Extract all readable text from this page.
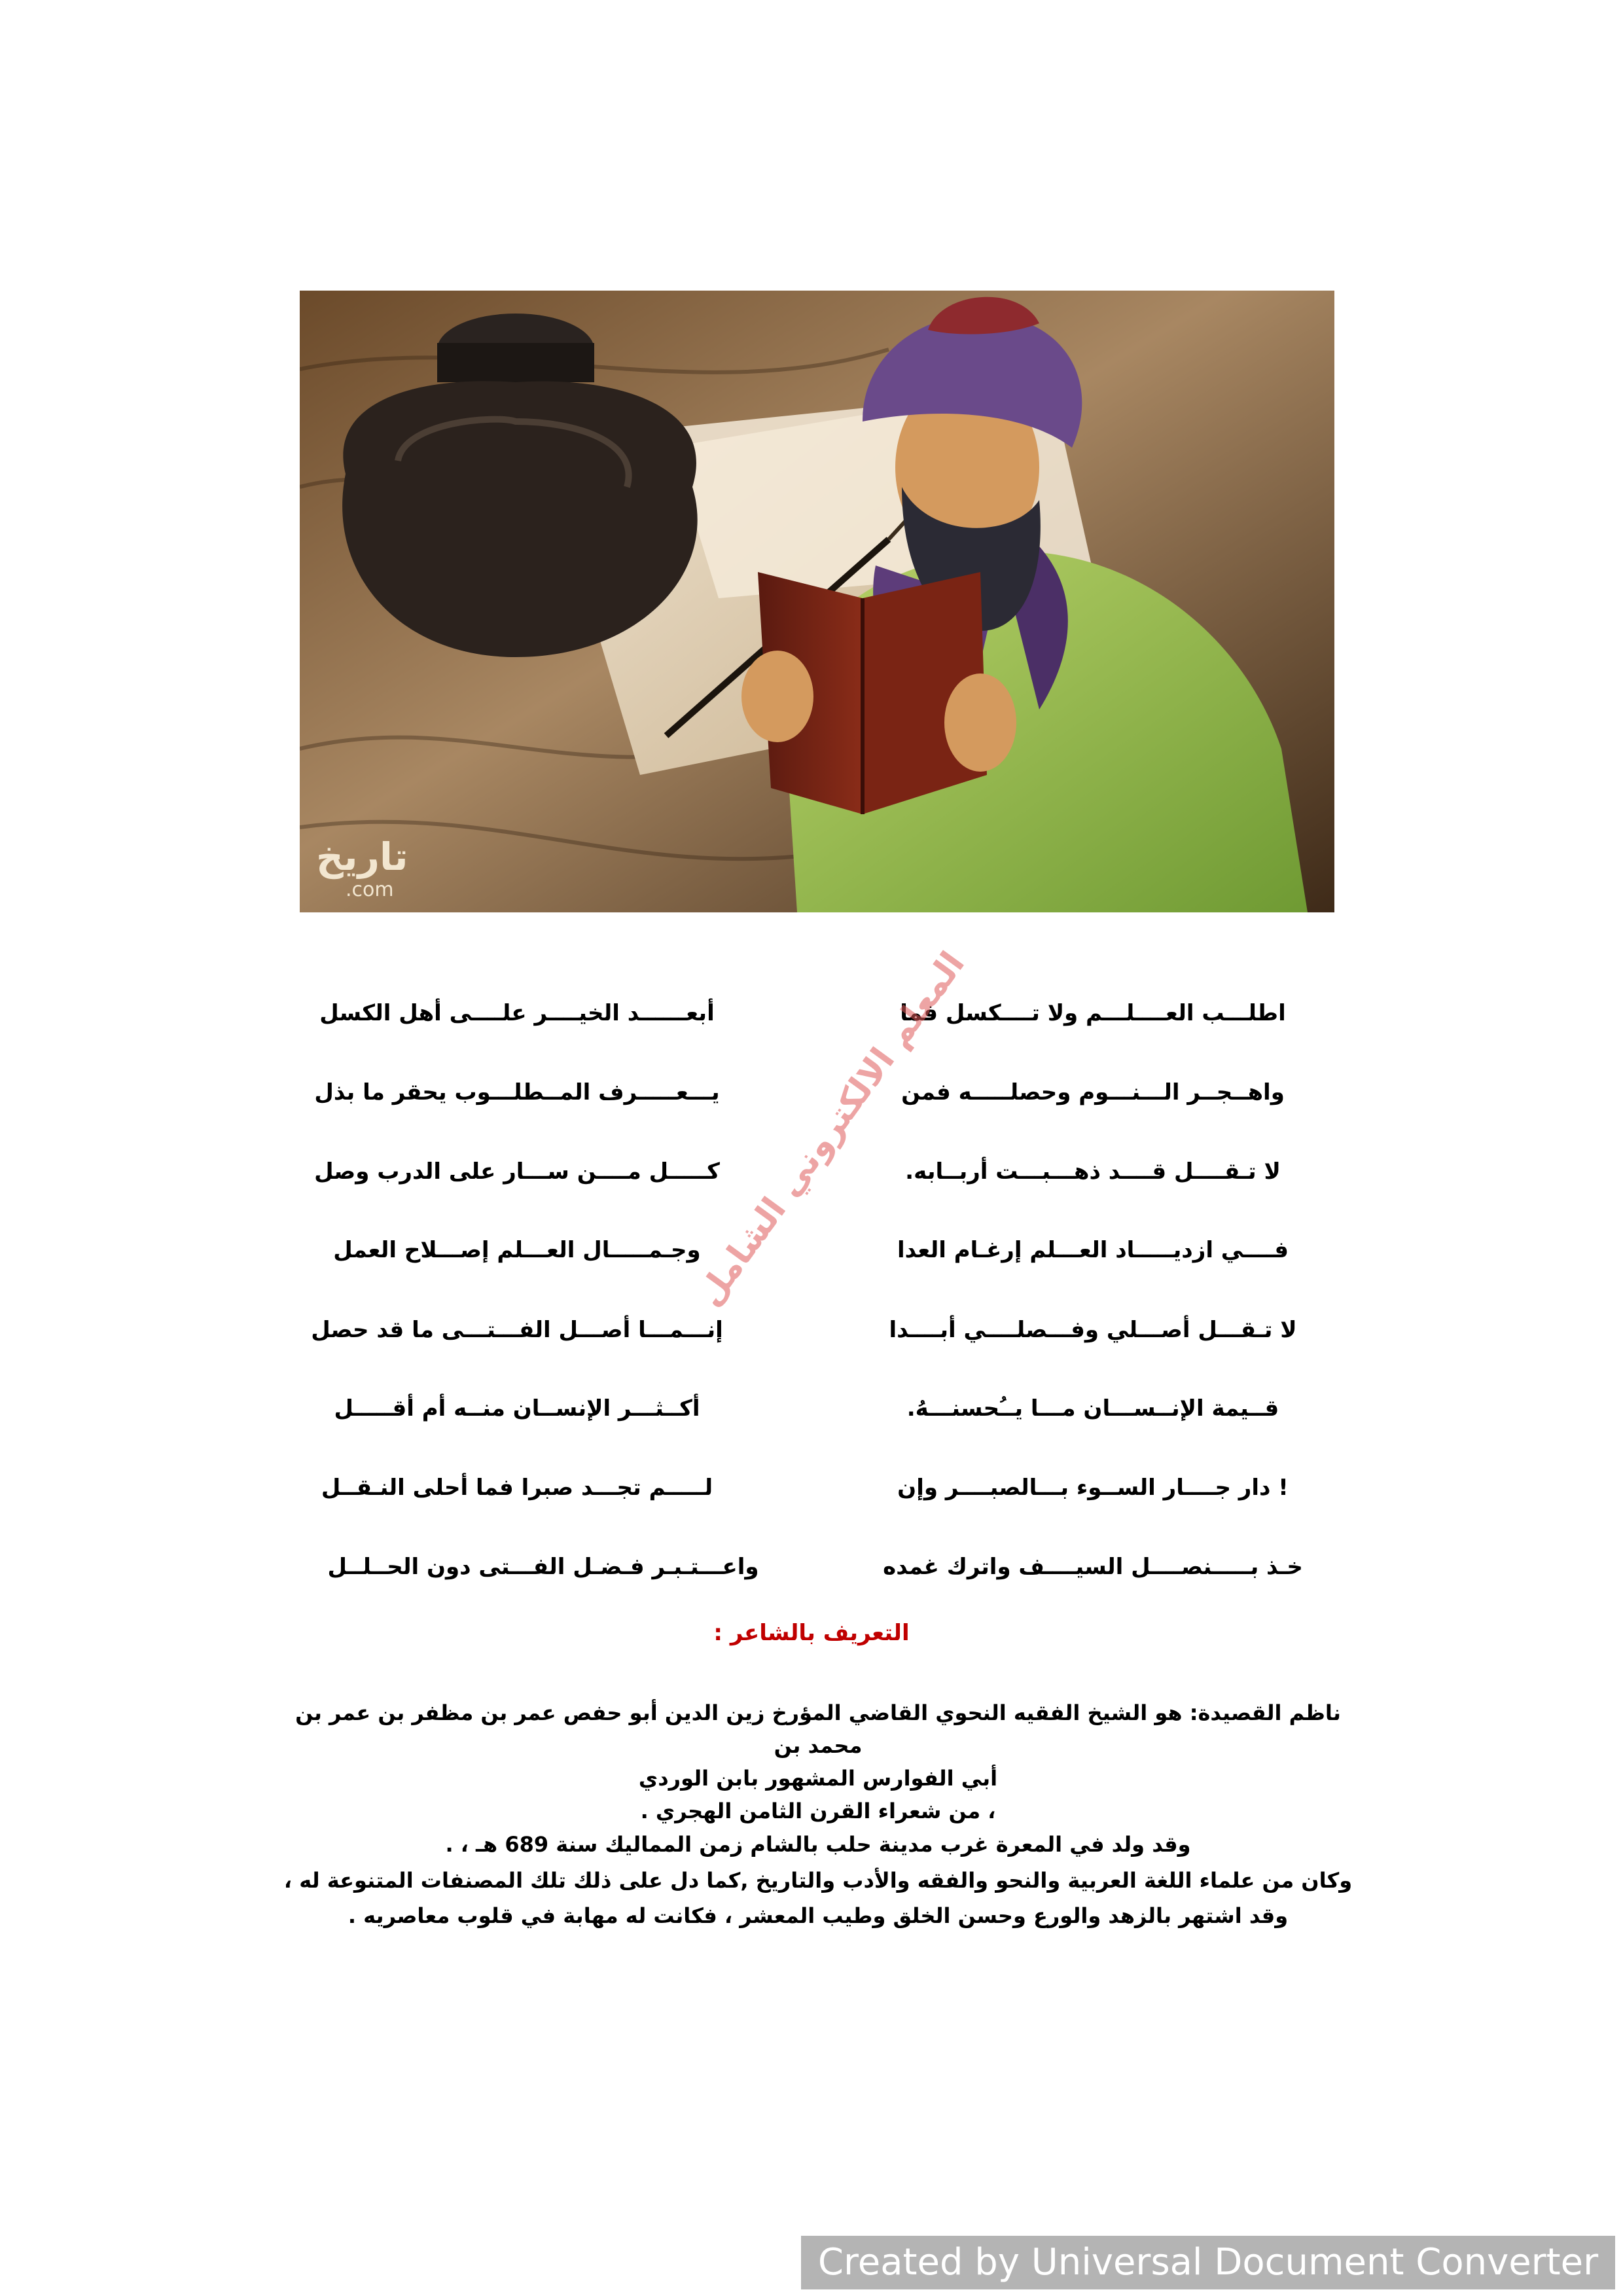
تاريخ
.com
اطلـــب العــــلـــم ولا تــــكسل فما
أبعــــــد الخيــــر علــــى أهل الكسل
واهــجــر الـــنـــوم وحصلـــــه فمن
يـــعـــــرف المــطلـــوب يحقر ما بذل
لا تـقــــل قــــد ذهـــبـــت أربــابه.
كـــــل مــــن ســـار على الدرب وصل
فــــي ازديـــــاد العـــلم إرغـام العدا
وجـمـــــال العـــلم إصـــلاح العمل
لا تـقـــل أصـــلي وفـــصلــــي أبــــدا
إنـــمـــا أصـــل الفـــتـــى ما قد حصل
قــيمة الإنــســـان مـــا يــُحسنـــهُ.
أكــثـــر الإنســان منــه أم أقـــــل
! دار جــــار الســوء بـــالصبــــر وإن
لـــــم تجـــد صبرا فما أحلى النـقــل
خـذ بـــــنصــــل السيــــف واترك غمده
واعـــتـبـر فـضـل الفـــتى دون الحــلــل
المعلم الالكتروني الشامل
التعريف بالشاعر :

ناظم القصيدة: هو الشيخ الفقيه النحوي القاضي المؤرخ زين الدين أبو حفص عمر بن مظفر بن عمر بن

محمد بن

أبي الفوارس المشهور بابن الوردي

، من شعراء القرن الثامن الهجري .

وقد ولد في المعرة غرب مدينة حلب بالشام زمن المماليك سنة 689 هـ ، .

وكان من علماء اللغة العربية والنحو والفقه والأدب والتاريخ ,كما دل على ذلك تلك المصنفات المتنوعة له ،

وقد اشتهر بالزهد والورع وحسن الخلق وطيب المعشر ، فكانت له مهابة في قلوب معاصريه .

Created by Universal Document Converter
